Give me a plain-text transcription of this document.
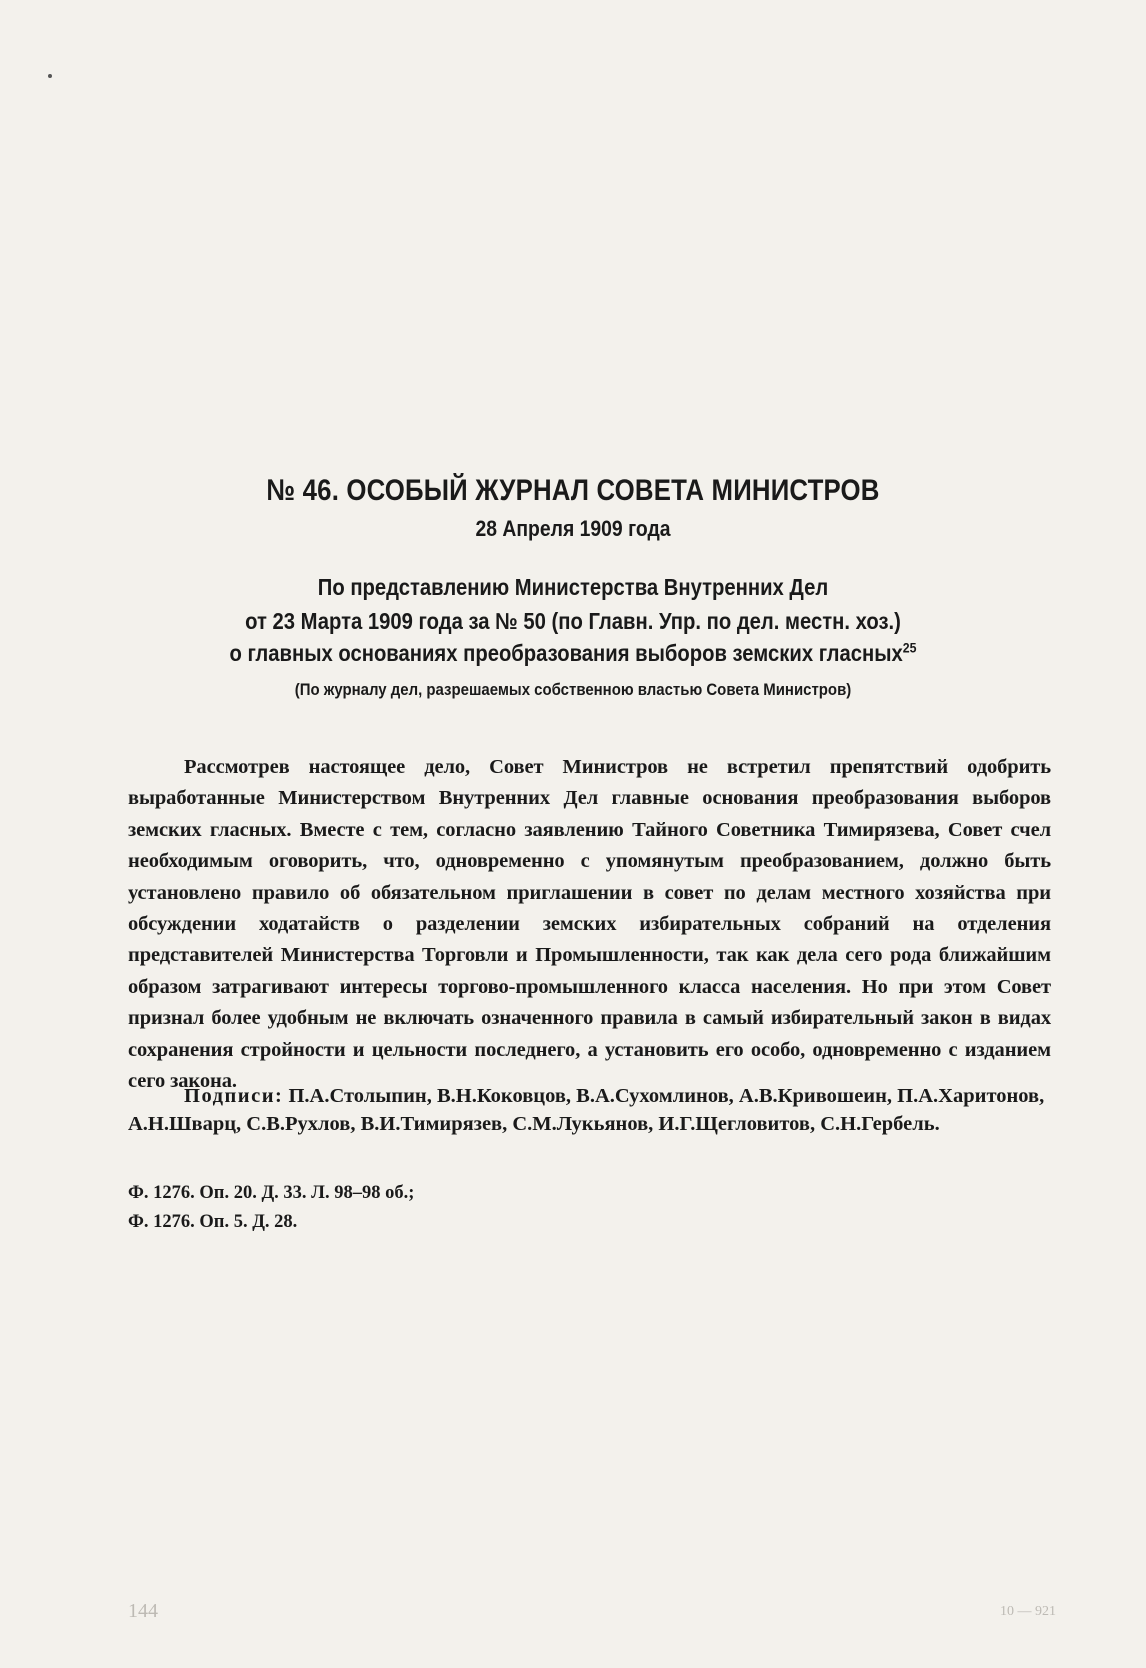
№ 46. ОСОБЫЙ ЖУРНАЛ СОВЕТА МИНИСТРОВ
28 Апреля 1909 года
По представлению Министерства Внутренних Дел
от 23 Марта 1909 года за № 50 (по Главн. Упр. по дел. местн. хоз.)
о главных основаниях преобразования выборов земских гласных$^{25}$
(По журналу дел, разрешаемых собственною властью Совета Министров)
Рассмотрев настоящее дело, Совет Министров не встретил препятствий одобрить выработанные Министерством Внутренних Дел главные основания преобразования выборов земских гласных. Вместе с тем, согласно заявлению Тайного Советника Тимирязева, Совет счел необходимым оговорить, что, одновременно с упомянутым преобразованием, должно быть установлено правило об обязательном приглашении в совет по делам местного хозяйства при обсуждении ходатайств о разделении земских избирательных собраний на отделения представителей Министерства Торговли и Промышленности, так как дела сего рода ближайшим образом затрагивают интересы торгово-промышленного класса населения. Но при этом Совет признал более удобным не включать означенного правила в самый избирательный закон в видах сохранения стройности и цельности последнего, а установить его особо, одновременно с изданием сего закона.
Подписи: П.А.Столыпин, В.Н.Коковцов, В.А.Сухомлинов, А.В.Кривошеин, П.А.Харитонов, А.Н.Шварц, С.В.Рухлов, В.И.Тимирязев, С.М.Лукьянов, И.Г.Щегловитов, С.Н.Гербель.
Ф. 1276. Оп. 20. Д. 33. Л. 98–98 об.;
Ф. 1276. Оп. 5. Д. 28.
144	10 — 921
